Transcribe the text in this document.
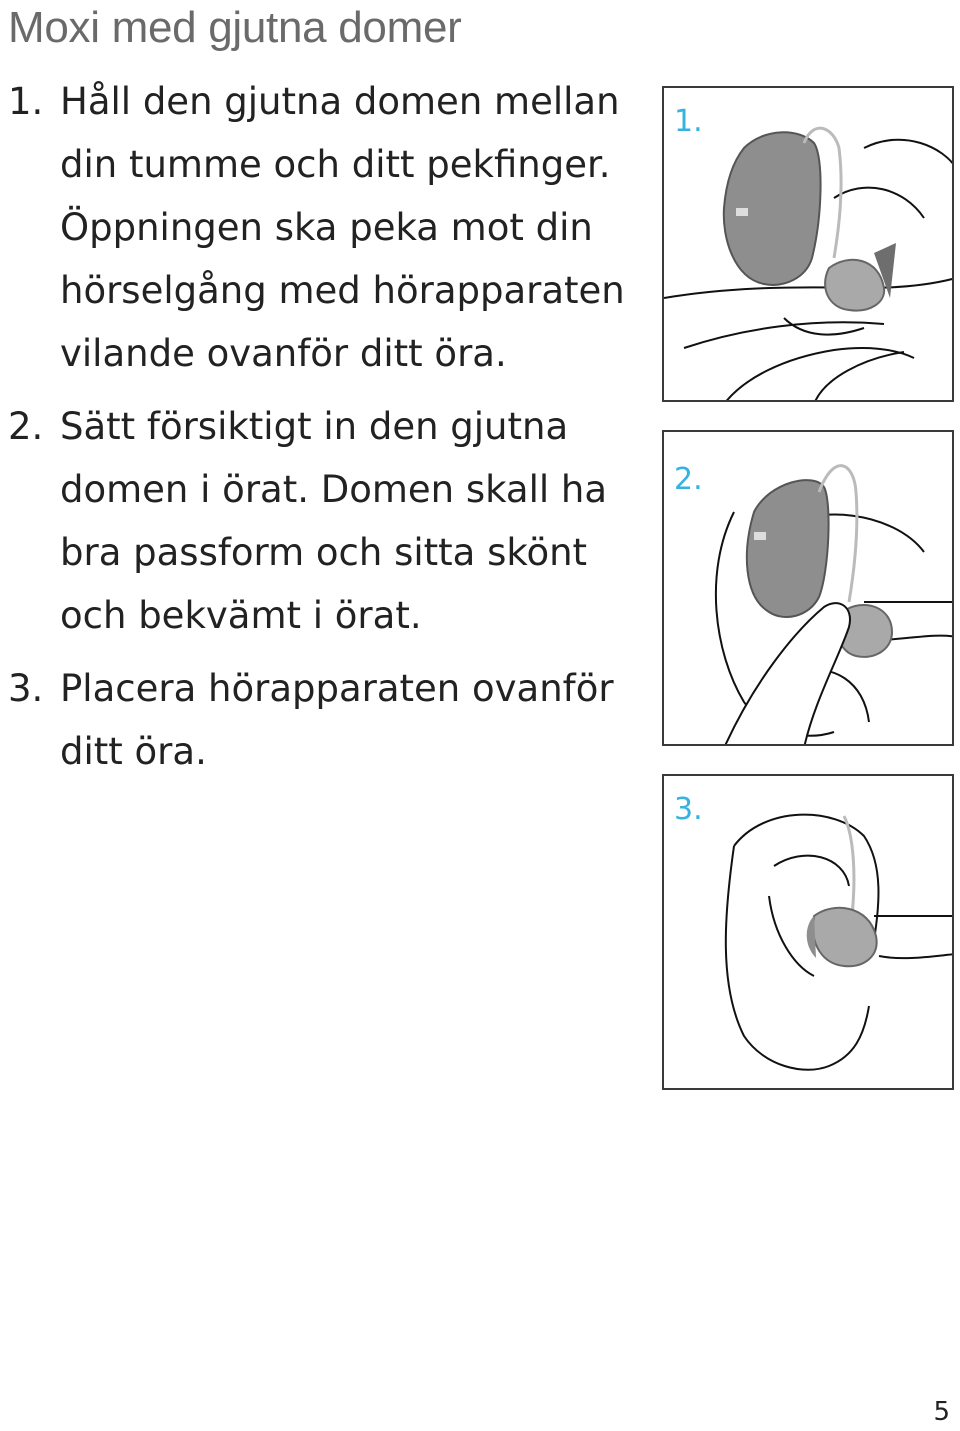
Moxi med gjutna domer
1. Håll den gjutna domen mellan
din tumme och ditt pekfinger.
Öppningen ska peka mot din
hörselgång med hörapparaten
vilande ovanför ditt öra.
2. Sätt försiktigt in den gjutna
domen i örat. Domen skall ha
bra passform och sitta skönt
och bekvämt i örat.
3. Placera hörapparaten ovanför
ditt öra.
1.
2.
3.
5
